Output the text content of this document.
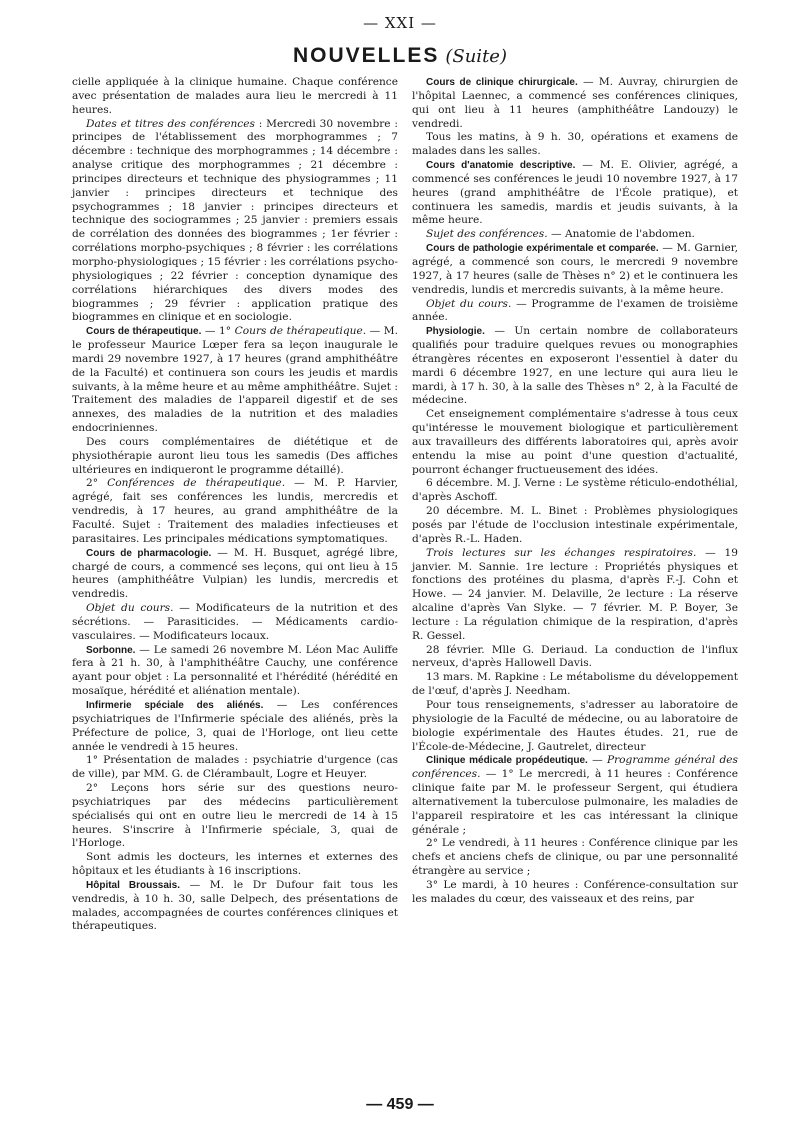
— XXI —
NOUVELLES (Suite)

cielle appliquée à la clinique humaine. Chaque conférence avec présentation de malades aura lieu le mercredi à 11 heures.

Dates et titres des conférences : Mercredi 30 novembre : principes de l'établissement des morphogrammes ; 7 décembre : technique des morphogrammes ; 14 décembre : analyse critique des morphogrammes ; 21 décembre : principes directeurs et technique des physiogrammes ; 11 janvier : principes directeurs et technique des psychogrammes ; 18 janvier : principes directeurs et technique des sociogrammes ; 25 janvier : premiers essais de corrélation des données des biogrammes ; 1er février : corrélations morpho-psychiques ; 8 février : les corrélations morpho-physiologiques ; 15 février : les corrélations psycho-physiologiques ; 22 février : conception dynamique des corrélations hiérarchiques des divers modes des biogrammes ; 29 février : application pratique des biogrammes en clinique et en sociologie.

Cours de thérapeutique. — 1° Cours de thérapeutique. — M. le professeur Maurice Lœper fera sa leçon inaugurale le mardi 29 novembre 1927, à 17 heures (grand amphithéâtre de la Faculté) et continuera son cours les jeudis et mardis suivants, à la même heure et au même amphithéâtre. Sujet : Traitement des maladies de l'appareil digestif et de ses annexes, des maladies de la nutrition et des maladies endocriniennes.

Des cours complémentaires de diététique et de physiothérapie auront lieu tous les samedis (Des affiches ultérieures en indiqueront le programme détaillé).

2° Conférences de thérapeutique. — M. P. Harvier, agrégé, fait ses conférences les lundis, mercredis et vendredis, à 17 heures, au grand amphithéâtre de la Faculté. Sujet : Traitement des maladies infectieuses et parasitaires. Les principales médications symptomatiques.

Cours de pharmacologie. — M. H. Busquet, agrégé libre, chargé de cours, a commencé ses leçons, qui ont lieu à 15 heures (amphithéâtre Vulpian) les lundis, mercredis et vendredis.

Objet du cours. — Modificateurs de la nutrition et des sécrétions. — Parasiticides. — Médicaments cardio-vasculaires. — Modificateurs locaux.

Sorbonne. — Le samedi 26 novembre M. Léon Mac Auliffe fera à 21 h. 30, à l'amphithéâtre Cauchy, une conférence ayant pour objet : La personnalité et l'hérédité (hérédité en mosaïque, hérédité et aliénation mentale).

Infirmerie spéciale des aliénés. — Les conférences psychiatriques de l'Infirmerie spéciale des aliénés, près la Préfecture de police, 3, quai de l'Horloge, ont lieu cette année le vendredi à 15 heures.

1° Présentation de malades : psychiatrie d'urgence (cas de ville), par MM. G. de Clérambault, Logre et Heuyer.

2° Leçons hors série sur des questions neuro-psychiatriques par des médecins particulièrement spécialisés qui ont en outre lieu le mercredi de 14 à 15 heures. S'inscrire à l'Infirmerie spéciale, 3, quai de l'Horloge.

Sont admis les docteurs, les internes et externes des hôpitaux et les étudiants à 16 inscriptions.

Hôpital Broussais. — M. le Dr Dufour fait tous les vendredis, à 10 h. 30, salle Delpech, des présentations de malades, accompagnées de courtes conférences cliniques et thérapeutiques.

Cours de clinique chirurgicale. — M. Auvray, chirurgien de l'hôpital Laennec, a commencé ses conférences cliniques, qui ont lieu à 11 heures (amphithéâtre Landouzy) le vendredi.

Tous les matins, à 9 h. 30, opérations et examens de malades dans les salles.

Cours d'anatomie descriptive. — M. E. Olivier, agrégé, a commencé ses conférences le jeudi 10 novembre 1927, à 17 heures (grand amphithéâtre de l'École pratique), et continuera les samedis, mardis et jeudis suivants, à la même heure.

Sujet des conférences. — Anatomie de l'abdomen.

Cours de pathologie expérimentale et comparée. — M. Garnier, agrégé, a commencé son cours, le mercredi 9 novembre 1927, à 17 heures (salle de Thèses n° 2) et le continuera les vendredis, lundis et mercredis suivants, à la même heure.

Objet du cours. — Programme de l'examen de troisième année.

Physiologie. — Un certain nombre de collaborateurs qualifiés pour traduire quelques revues ou monographies étrangères récentes en exposeront l'essentiel à dater du mardi 6 décembre 1927, en une lecture qui aura lieu le mardi, à 17 h. 30, à la salle des Thèses n° 2, à la Faculté de médecine.

Cet enseignement complémentaire s'adresse à tous ceux qu'intéresse le mouvement biologique et particulièrement aux travailleurs des différents laboratoires qui, après avoir entendu la mise au point d'une question d'actualité, pourront échanger fructueusement des idées.

6 décembre. M. J. Verne : Le système réticulo-endothélial, d'après Aschoff.

20 décembre. M. L. Binet : Problèmes physiologiques posés par l'étude de l'occlusion intestinale expérimentale, d'après R.-L. Haden.

Trois lectures sur les échanges respiratoires. — 19 janvier. M. Sannie. 1re lecture : Propriétés physiques et fonctions des protéines du plasma, d'après F.-J. Cohn et Howe. — 24 janvier. M. Delaville, 2e lecture : La réserve alcaline d'après Van Slyke. — 7 février. M. P. Boyer, 3e lecture : La régulation chimique de la respiration, d'après R. Gessel.

28 février. Mlle G. Deriaud. La conduction de l'influx nerveux, d'après Hallowell Davis.

13 mars. M. Rapkine : Le métabolisme du développement de l'œuf, d'après J. Needham.

Pour tous renseignements, s'adresser au laboratoire de physiologie de la Faculté de médecine, ou au laboratoire de biologie expérimentale des Hautes études. 21, rue de l'École-de-Médecine, J. Gautrelet, directeur

Clinique médicale propédeutique. — Programme général des conférences. — 1° Le mercredi, à 11 heures : Conférence clinique faite par M. le professeur Sergent, qui étudiera alternativement la tuberculose pulmonaire, les maladies de l'appareil respiratoire et les cas intéressant la clinique générale ;

2° Le vendredi, à 11 heures : Conférence clinique par les chefs et anciens chefs de clinique, ou par une personnalité étrangère au service ;

3° Le mardi, à 10 heures : Conférence-consultation sur les malades du cœur, des vaisseaux et des reins, par

— 459 —
